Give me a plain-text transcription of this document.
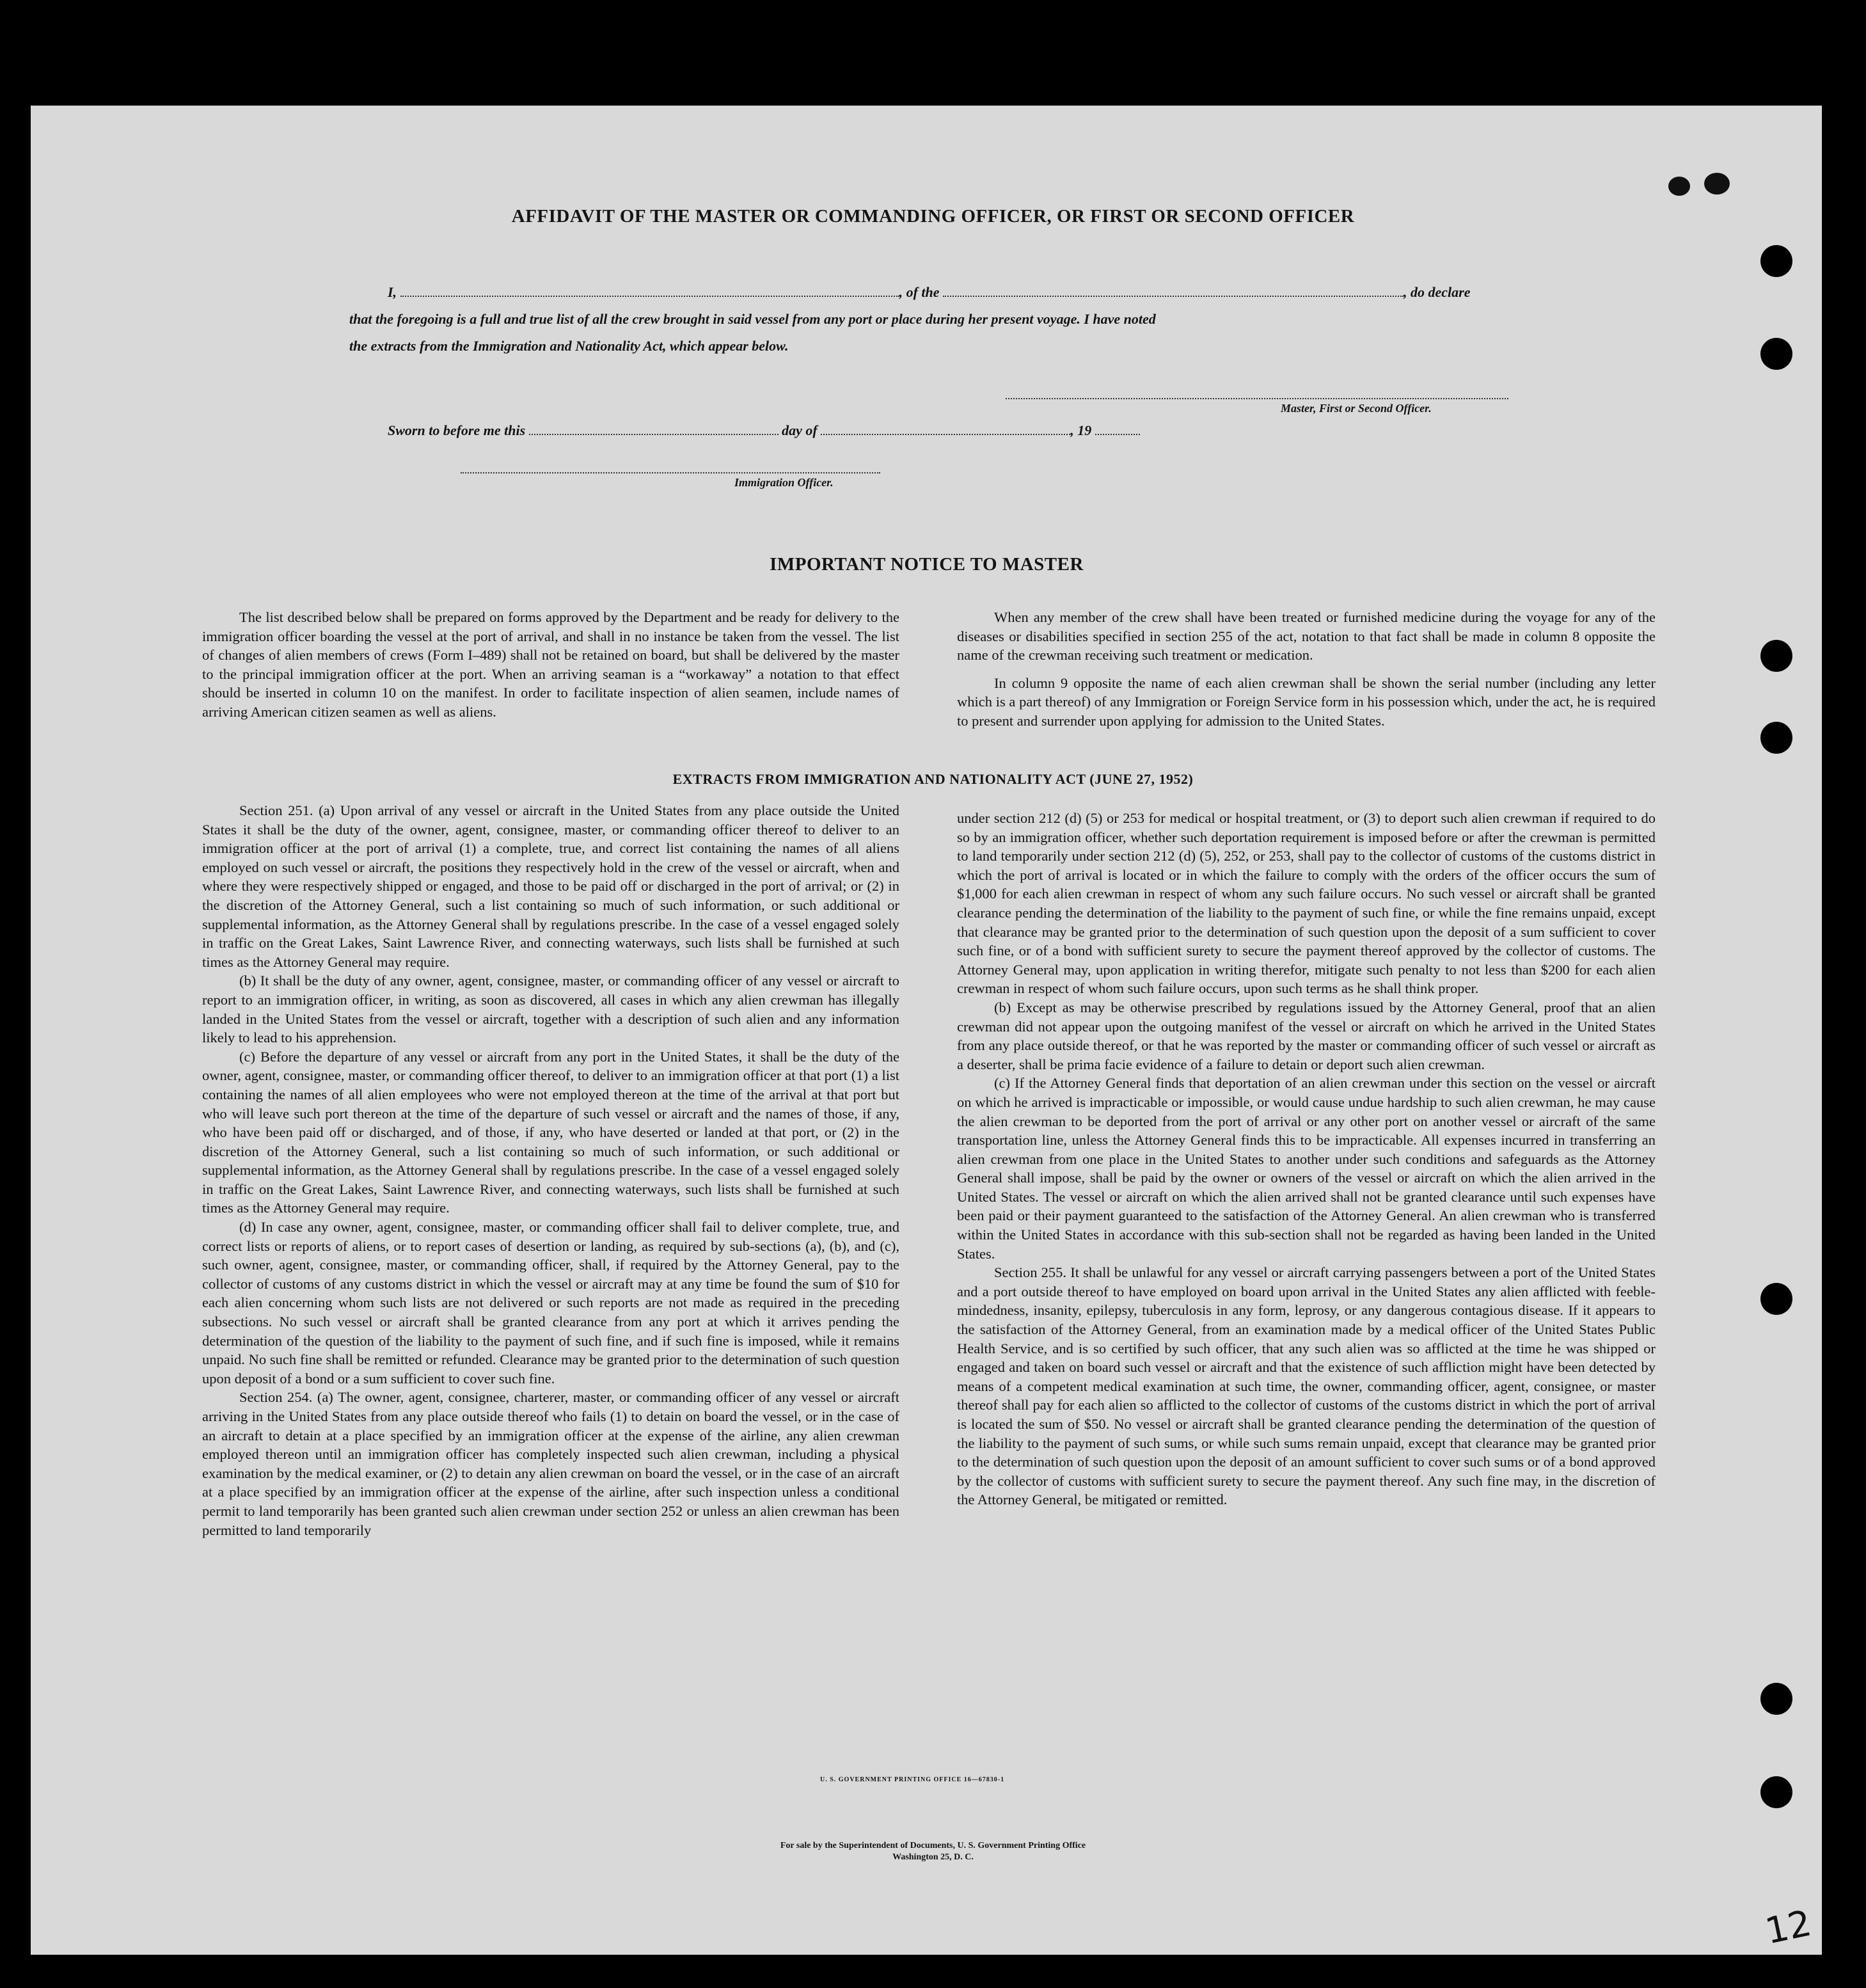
AFFIDAVIT OF THE MASTER OR COMMANDING OFFICER, OR FIRST OR SECOND OFFICER
I,	, of the	, do declare
that the foregoing is a full and true list of all the crew brought in said vessel from any port or place during her present voyage. I have noted
the extracts from the Immigration and Nationality Act, which appear below.
Master, First or Second Officer.
Sworn to before me this	day of	, 19
Immigration Officer.
IMPORTANT NOTICE TO MASTER

The list described below shall be prepared on forms approved by the Department and be ready for delivery to the immigration officer boarding the vessel at the port of arrival, and shall in no instance be taken from the vessel. The list of changes of alien members of crews (Form I–489) shall not be retained on board, but shall be delivered by the master to the principal immigration officer at the port. When an arriving seaman is a “workaway” a notation to that effect should be inserted in column 10 on the manifest. In order to facilitate inspection of alien seamen, include names of arriving American citizen seamen as well as aliens.

When any member of the crew shall have been treated or furnished medicine during the voyage for any of the diseases or disabilities specified in section 255 of the act, notation to that fact shall be made in column 8 opposite the name of the crewman receiving such treatment or medication.

In column 9 opposite the name of each alien crewman shall be shown the serial number (including any letter which is a part thereof) of any Immigration or Foreign Service form in his possession which, under the act, he is required to present and surrender upon applying for admission to the United States.

EXTRACTS FROM IMMIGRATION AND NATIONALITY ACT (JUNE 27, 1952)

Section 251. (a) Upon arrival of any vessel or aircraft in the United States from any place outside the United States it shall be the duty of the owner, agent, consignee, master, or commanding officer thereof to deliver to an immigration officer at the port of arrival (1) a complete, true, and correct list containing the names of all aliens employed on such vessel or aircraft, the positions they respectively hold in the crew of the vessel or aircraft, when and where they were respectively shipped or engaged, and those to be paid off or discharged in the port of arrival; or (2) in the discretion of the Attorney General, such a list containing so much of such information, or such additional or supplemental information, as the Attorney General shall by regulations prescribe. In the case of a vessel engaged solely in traffic on the Great Lakes, Saint Lawrence River, and connecting waterways, such lists shall be furnished at such times as the Attorney General may require.

(b) It shall be the duty of any owner, agent, consignee, master, or commanding officer of any vessel or aircraft to report to an immigration officer, in writing, as soon as discovered, all cases in which any alien crewman has illegally landed in the United States from the vessel or aircraft, together with a description of such alien and any information likely to lead to his apprehension.

(c) Before the departure of any vessel or aircraft from any port in the United States, it shall be the duty of the owner, agent, consignee, master, or commanding officer thereof, to deliver to an immigration officer at that port (1) a list containing the names of all alien employees who were not employed thereon at the time of the arrival at that port but who will leave such port thereon at the time of the departure of such vessel or aircraft and the names of those, if any, who have been paid off or discharged, and of those, if any, who have deserted or landed at that port, or (2) in the discretion of the Attorney General, such a list containing so much of such information, or such additional or supplemental information, as the Attorney General shall by regulations prescribe. In the case of a vessel engaged solely in traffic on the Great Lakes, Saint Lawrence River, and connecting waterways, such lists shall be furnished at such times as the Attorney General may require.

(d) In case any owner, agent, consignee, master, or commanding officer shall fail to deliver complete, true, and correct lists or reports of aliens, or to report cases of desertion or landing, as required by sub-sections (a), (b), and (c), such owner, agent, consignee, master, or commanding officer, shall, if required by the Attorney General, pay to the collector of customs of any customs district in which the vessel or aircraft may at any time be found the sum of $10 for each alien concerning whom such lists are not delivered or such reports are not made as required in the preceding subsections. No such vessel or aircraft shall be granted clearance from any port at which it arrives pending the determination of the question of the liability to the payment of such fine, and if such fine is imposed, while it remains unpaid. No such fine shall be remitted or refunded. Clearance may be granted prior to the determination of such question upon deposit of a bond or a sum sufficient to cover such fine.

Section 254. (a) The owner, agent, consignee, charterer, master, or commanding officer of any vessel or aircraft arriving in the United States from any place outside thereof who fails (1) to detain on board the vessel, or in the case of an aircraft to detain at a place specified by an immigration officer at the expense of the airline, any alien crewman employed thereon until an immigration officer has completely inspected such alien crewman, including a physical examination by the medical examiner, or (2) to detain any alien crewman on board the vessel, or in the case of an aircraft at a place specified by an immigration officer at the expense of the airline, after such inspection unless a conditional permit to land temporarily has been granted such alien crewman under section 252 or unless an alien crewman has been permitted to land temporarily

under section 212 (d) (5) or 253 for medical or hospital treatment, or (3) to deport such alien crewman if required to do so by an immigration officer, whether such deportation requirement is imposed before or after the crewman is permitted to land temporarily under section 212 (d) (5), 252, or 253, shall pay to the collector of customs of the customs district in which the port of arrival is located or in which the failure to comply with the orders of the officer occurs the sum of $1,000 for each alien crewman in respect of whom any such failure occurs. No such vessel or aircraft shall be granted clearance pending the determination of the liability to the payment of such fine, or while the fine remains unpaid, except that clearance may be granted prior to the determination of such question upon the deposit of a sum sufficient to cover such fine, or of a bond with sufficient surety to secure the payment thereof approved by the collector of customs. The Attorney General may, upon application in writing therefor, mitigate such penalty to not less than $200 for each alien crewman in respect of whom such failure occurs, upon such terms as he shall think proper.

(b) Except as may be otherwise prescribed by regulations issued by the Attorney General, proof that an alien crewman did not appear upon the outgoing manifest of the vessel or aircraft on which he arrived in the United States from any place outside thereof, or that he was reported by the master or commanding officer of such vessel or aircraft as a deserter, shall be prima facie evidence of a failure to detain or deport such alien crewman.

(c) If the Attorney General finds that deportation of an alien crewman under this section on the vessel or aircraft on which he arrived is impracticable or impossible, or would cause undue hardship to such alien crewman, he may cause the alien crewman to be deported from the port of arrival or any other port on another vessel or aircraft of the same transportation line, unless the Attorney General finds this to be impracticable. All expenses incurred in transferring an alien crewman from one place in the United States to another under such conditions and safeguards as the Attorney General shall impose, shall be paid by the owner or owners of the vessel or aircraft on which the alien arrived in the United States. The vessel or aircraft on which the alien arrived shall not be granted clearance until such expenses have been paid or their payment guaranteed to the satisfaction of the Attorney General. An alien crewman who is transferred within the United States in accordance with this sub-section shall not be regarded as having been landed in the United States.

Section 255. It shall be unlawful for any vessel or aircraft carrying passengers between a port of the United States and a port outside thereof to have employed on board upon arrival in the United States any alien afflicted with feeble-mindedness, insanity, epilepsy, tuberculosis in any form, leprosy, or any dangerous contagious disease. If it appears to the satisfaction of the Attorney General, from an examination made by a medical officer of the United States Public Health Service, and is so certified by such officer, that any such alien was so afflicted at the time he was shipped or engaged and taken on board such vessel or aircraft and that the existence of such affliction might have been detected by means of a competent medical examination at such time, the owner, commanding officer, agent, consignee, or master thereof shall pay for each alien so afflicted to the collector of customs of the customs district in which the port of arrival is located the sum of $50. No vessel or aircraft shall be granted clearance pending the determination of the question of the liability to the payment of such sums, or while such sums remain unpaid, except that clearance may be granted prior to the determination of such question upon the deposit of an amount sufficient to cover such sums or of a bond approved by the collector of customs with sufficient surety to secure the payment thereof. Any such fine may, in the discretion of the Attorney General, be mitigated or remitted.

U. S. GOVERNMENT PRINTING OFFICE 16—67830-1
For sale by the Superintendent of Documents, U. S. Government Printing Office
Washington 25, D. C.
12
